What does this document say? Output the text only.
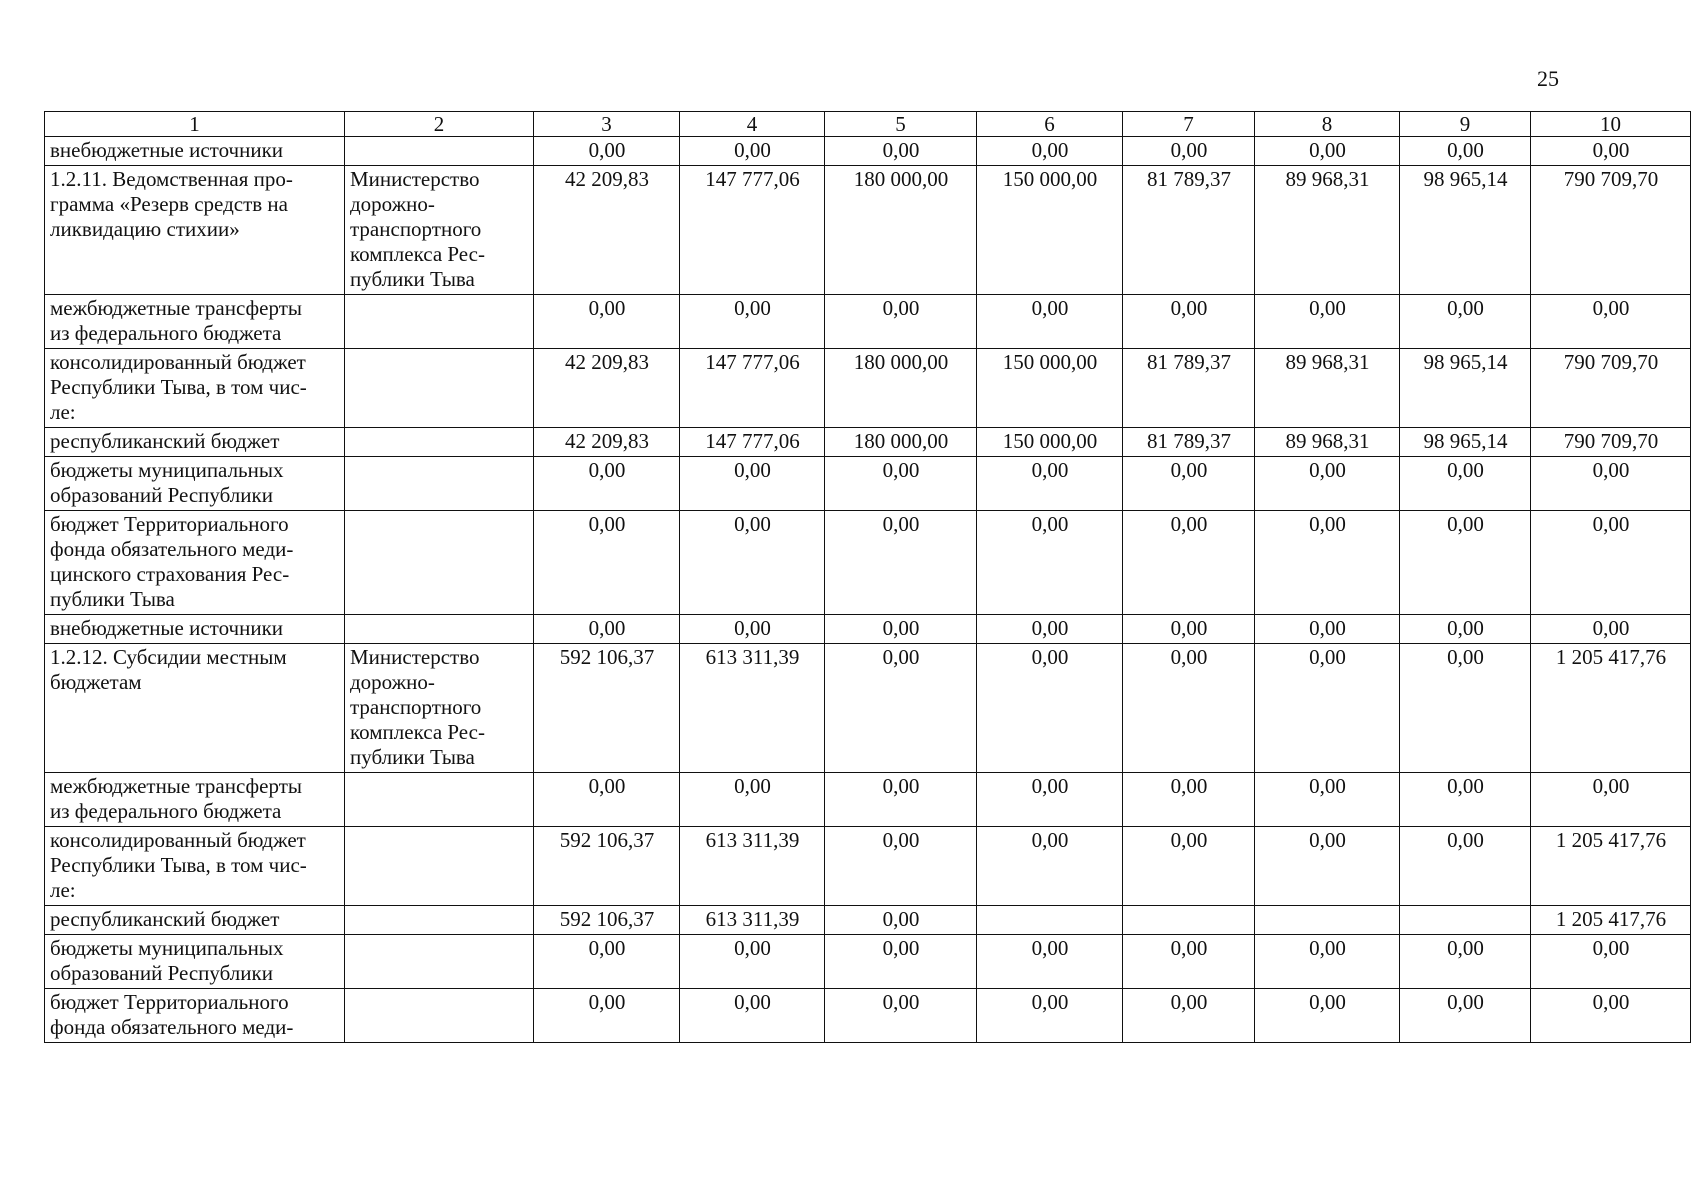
25
1	2	3	4	5	6	7	8	9	10
внебюджетные источники		0,00	0,00	0,00	0,00	0,00	0,00	0,00	0,00
1.2.11. Ведомственная про-
грамма «Резерв средств на
ликвидацию стихии»	Министерство
дорожно-
транспортного
комплекса Рес-
публики Тыва	42 209,83	147 777,06	180 000,00	150 000,00	81 789,37	89 968,31	98 965,14	790 709,70
межбюджетные трансферты
из федерального бюджета		0,00	0,00	0,00	0,00	0,00	0,00	0,00	0,00
консолидированный бюджет
Республики Тыва, в том чис-
ле:		42 209,83	147 777,06	180 000,00	150 000,00	81 789,37	89 968,31	98 965,14	790 709,70
республиканский бюджет		42 209,83	147 777,06	180 000,00	150 000,00	81 789,37	89 968,31	98 965,14	790 709,70
бюджеты муниципальных
образований Республики		0,00	0,00	0,00	0,00	0,00	0,00	0,00	0,00
бюджет Территориального
фонда обязательного меди-
цинского страхования Рес-
публики Тыва		0,00	0,00	0,00	0,00	0,00	0,00	0,00	0,00
внебюджетные источники		0,00	0,00	0,00	0,00	0,00	0,00	0,00	0,00
1.2.12. Субсидии местным
бюджетам	Министерство
дорожно-
транспортного
комплекса Рес-
публики Тыва	592 106,37	613 311,39	0,00	0,00	0,00	0,00	0,00	1 205 417,76
межбюджетные трансферты
из федерального бюджета		0,00	0,00	0,00	0,00	0,00	0,00	0,00	0,00
консолидированный бюджет
Республики Тыва, в том чис-
ле:		592 106,37	613 311,39	0,00	0,00	0,00	0,00	0,00	1 205 417,76
республиканский бюджет		592 106,37	613 311,39	0,00					1 205 417,76
бюджеты муниципальных
образований Республики		0,00	0,00	0,00	0,00	0,00	0,00	0,00	0,00
бюджет Территориального
фонда обязательного меди-		0,00	0,00	0,00	0,00	0,00	0,00	0,00	0,00
